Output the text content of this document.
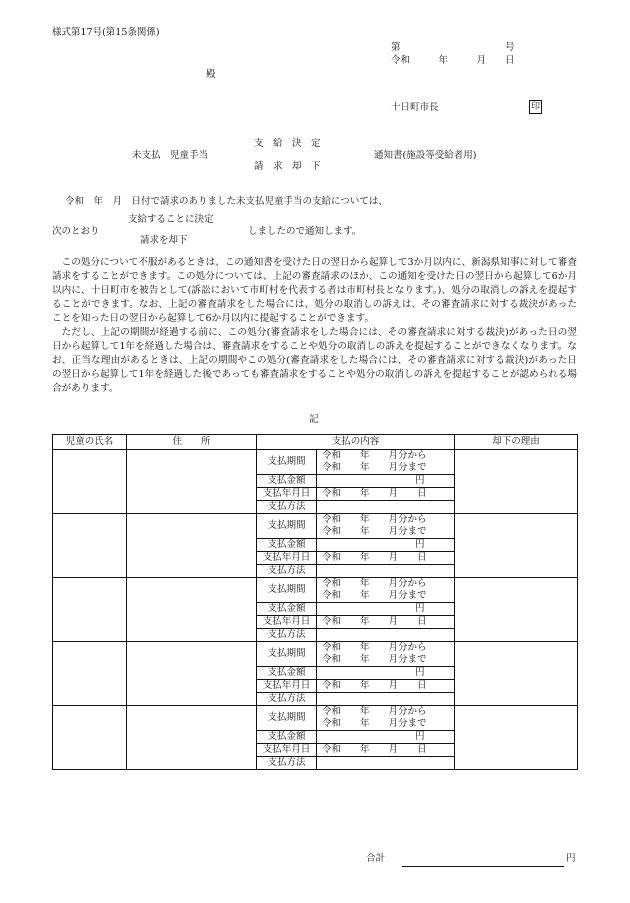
様式第17号(第15条関係)
第　　　　　　　　　　　号
令和　　　年　　　月　　日
殿
十日町市長	印
未支払　児童手当
支　給　決　定
請　求　却　下
通知書(施設等受給者用)
令和　年　月　日付で請求のありました未支払児童手当の支給については、
次のとおり
支給することに決定
請求を却下
しましたので通知します。
この処分について不服があるときは、この通知書を受けた日の翌日から起算して3か月以内に、新潟県知事に対して審査請求をすることができます。この処分については、上記の審査請求のほか、この通知を受けた日の翌日から起算して6か月以内に、十日町市を被告として(訴訟において市町村を代表する者は市町村長となります。)、処分の取消しの訴えを提起することができます。なお、上記の審査請求をした場合には、処分の取消しの訴えは、その審査請求に対する裁決があったことを知った日の翌日から起算して6か月以内に提起することができます。
ただし、上記の期間が経過する前に、この処分(審査請求をした場合には、その審査請求に対する裁決)があった日の翌日から起算して1年を経過した場合は、審査請求をすることや処分の取消しの訴えを提起することができなくなります。なお、正当な理由があるときは、上記の期間やこの処分(審査請求をした場合には、その審査請求に対する裁決)があった日の翌日から起算して1年を経過した後であっても審査請求をすることや処分の取消しの訴えを提起することが認められる場合があります。
記
児童の氏名	住　　所	支払の内容		却下の理由
		支払期間	令和　　年　　月分から
令和　　年　　月分まで	

		支払金額	円	
		支払年月日	令和　　年　　月　　日	
		支払方法		
		支払期間	令和　　年　　月分から
令和　　年　　月分まで	

		支払金額	円	
		支払年月日	令和　　年　　月　　日	
		支払方法		
		支払期間	令和　　年　　月分から
令和　　年　　月分まで	

		支払金額	円	
		支払年月日	令和　　年　　月　　日	
		支払方法		
		支払期間	令和　　年　　月分から
令和　　年　　月分まで	

		支払金額	円	
		支払年月日	令和　　年　　月　　日	
		支払方法		
		支払期間	令和　　年　　月分から
令和　　年　　月分まで	

		支払金額	円	
		支払年月日	令和　　年　　月　　日	
		支払方法		
合計	円
